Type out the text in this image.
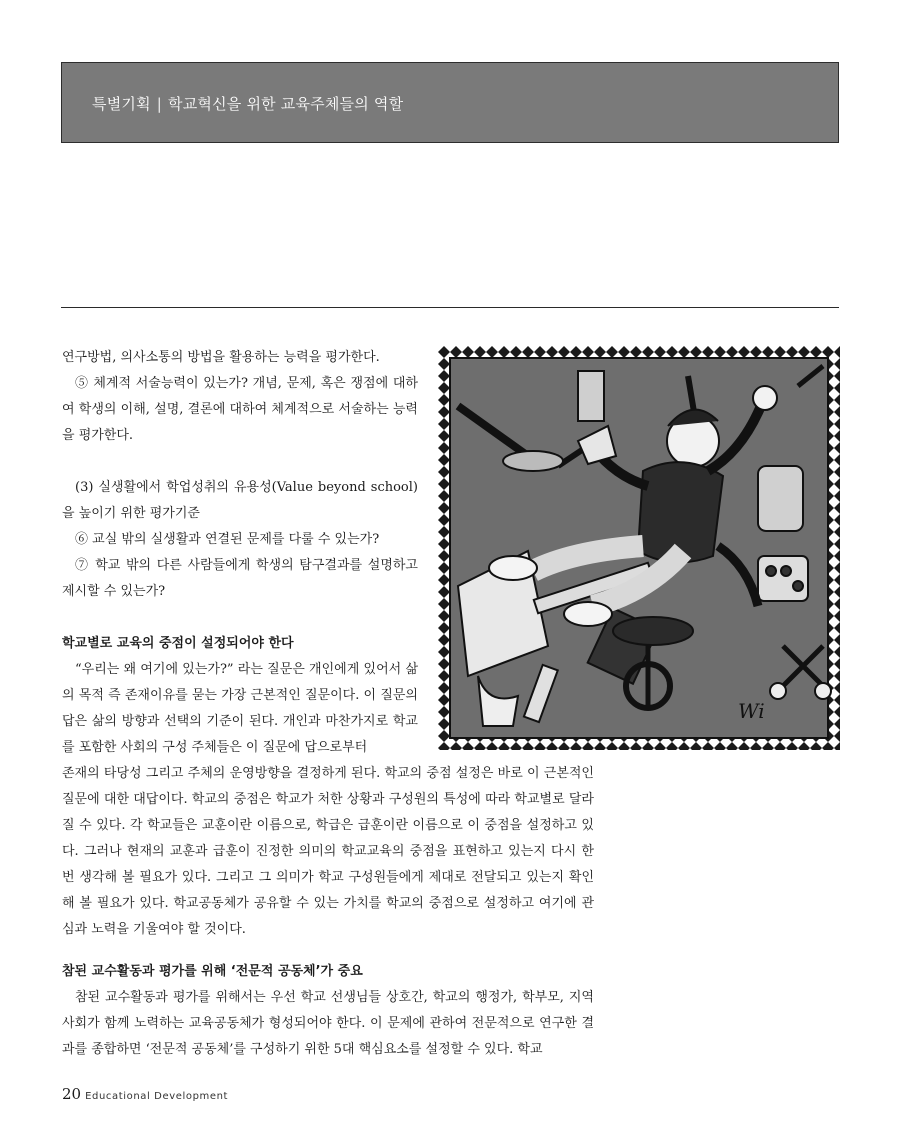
특별기획 | 학교혁신을 위한 교육주체들의 역할

연구방법, 의사소통의 방법을 활용하는 능력을 평가한다.

⑤ 체계적 서술능력이 있는가? 개념, 문제, 혹은 쟁점에 대하여 학생의 이해, 설명, 결론에 대하여 체계적으로 서술하는 능력을 평가한다.

(3) 실생활에서 학업성취의 유용성(Value beyond school)을 높이기 위한 평가기준

⑥ 교실 밖의 실생활과 연결된 문제를 다룰 수 있는가?

⑦ 학교 밖의 다른 사람들에게 학생의 탐구결과를 설명하고 제시할 수 있는가?

학교별로 교육의 중점이 설정되어야 한다

“우리는 왜 여기에 있는가?” 라는 질문은 개인에게 있어서 삶의 목적 즉 존재이유를 묻는 가장 근본적인 질문이다. 이 질문의 답은 삶의 방향과 선택의 기준이 된다. 개인과 마찬가지로 학교를 포함한 사회의 구성 주체들은 이 질문에 답으로부터

존재의 타당성 그리고 주체의 운영방향을 결정하게 된다. 학교의 중점 설정은 바로 이 근본적인 질문에 대한 대답이다. 학교의 중점은 학교가 처한 상황과 구성원의 특성에 따라 학교별로 달라질 수 있다. 각 학교들은 교훈이란 이름으로, 학급은 급훈이란 이름으로 이 중점을 설정하고 있다. 그러나 현재의 교훈과 급훈이 진정한 의미의 학교교육의 중점을 표현하고 있는지 다시 한 번 생각해 볼 필요가 있다. 그리고 그 의미가 학교 구성원들에게 제대로 전달되고 있는지 확인해 볼 필요가 있다. 학교공동체가 공유할 수 있는 가치를 학교의 중점으로 설정하고 여기에 관심과 노력을 기울여야 할 것이다.

참된 교수활동과 평가를 위해 ‘전문적 공동체’가 중요

참된 교수활동과 평가를 위해서는 우선 학교 선생님들 상호간, 학교의 행정가, 학부모, 지역 사회가 함께 노력하는 교육공동체가 형성되어야 한다. 이 문제에 관하여 전문적으로 연구한 결과를 종합하면 ‘전문적 공동체’를 구성하기 위한 5대 핵심요소를 설정할 수 있다. 학교

Wi
20 Educational Development
